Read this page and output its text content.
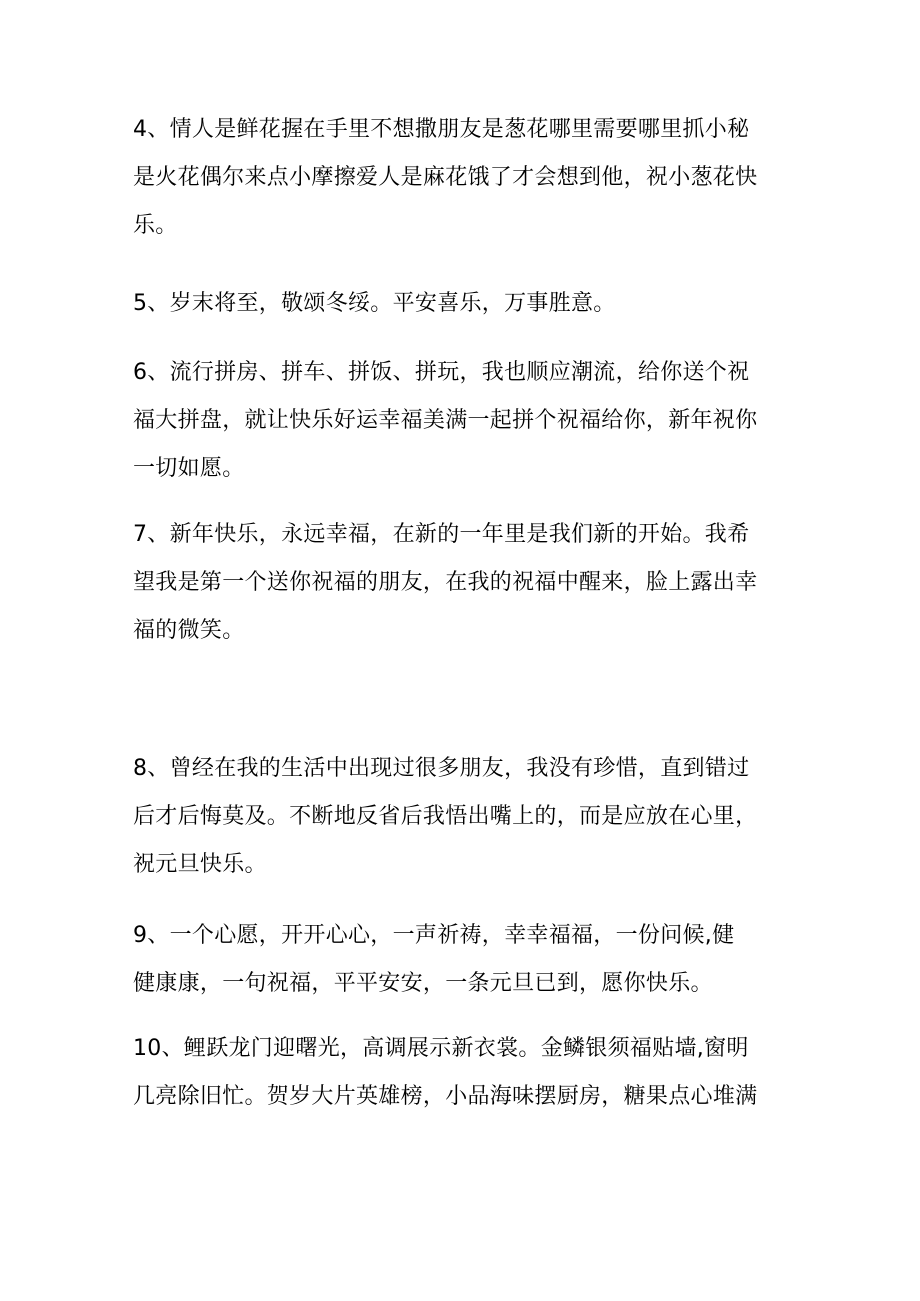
4、情人是鲜花握在手里不想撒朋友是葱花哪里需要哪里抓小秘
是火花偶尔来点小摩擦爱人是麻花饿了才会想到他，祝小葱花快
乐。

5、岁末将至，敬颂冬绥。平安喜乐，万事胜意。

6、流行拼房、拼车、拼饭、拼玩，我也顺应潮流，给你送个祝
福大拼盘，就让快乐好运幸福美满一起拼个祝福给你，新年祝你
一切如愿。

7、新年快乐，永远幸福，在新的一年里是我们新的开始。我希
望我是第一个送你祝福的朋友，在我的祝福中醒来，脸上露出幸
福的微笑。

8、曾经在我的生活中出现过很多朋友，我没有珍惜，直到错过
后才后悔莫及。不断地反省后我悟出嘴上的，而是应放在心里，
祝元旦快乐。

9、一个心愿，开开心心，一声祈祷，幸幸福福，一份问候,健
健康康，一句祝福，平平安安，一条元旦已到，愿你快乐。

10、鲤跃龙门迎曙光，高调展示新衣裳。金鳞银须福贴墙,窗明
几亮除旧忙。贺岁大片英雄榜，小品海味摆厨房，糖果点心堆满
